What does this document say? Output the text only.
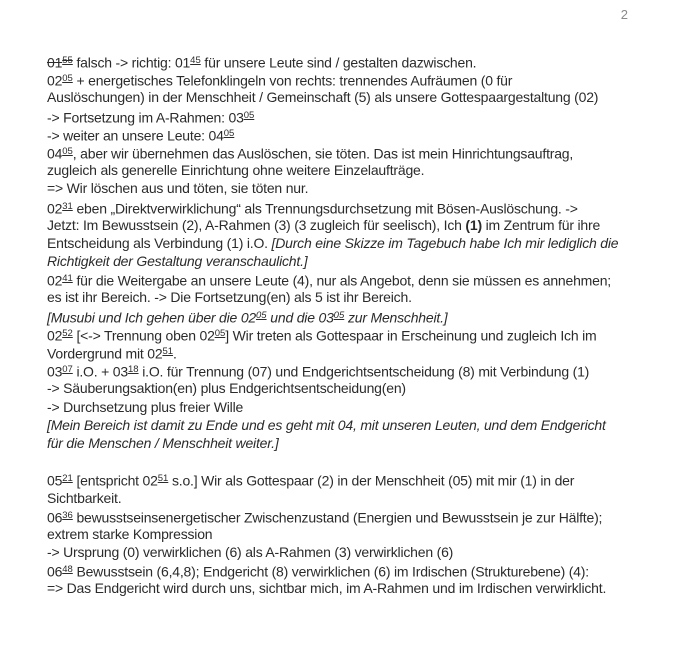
2
$01^{55}$ falsch -> richtig: $01^{45}$ für unsere Leute sind / gestalten dazwischen.
$02^{05}$ + energetisches Telefonklingeln von rechts: trennendes Aufräumen (0 für
Auslöschungen) in der Menschheit / Gemeinschaft (5) als unsere Gottespaargestaltung (02)
-> Fortsetzung im A-Rahmen: $03^{05}$
-> weiter an unsere Leute: $04^{05}$
$04^{05}$, aber wir übernehmen das Auslöschen, sie töten. Das ist mein Hinrichtungsauftrag,
zugleich als generelle Einrichtung ohne weitere Einzelaufträge.
=> Wir löschen aus und töten, sie töten nur.
$02^{31}$ eben „Direktverwirklichung“ als Trennungsdurchsetzung mit Bösen-Auslöschung. ->
Jetzt: Im Bewusstsein (2), A-Rahmen (3) (3 zugleich für seelisch), Ich (1) im Zentrum für ihre
Entscheidung als Verbindung (1) i.O. [Durch eine Skizze im Tagebuch habe Ich mir lediglich die
Richtigkeit der Gestaltung veranschaulicht.]
$02^{41}$ für die Weitergabe an unsere Leute (4), nur als Angebot, denn sie müssen es annehmen;
es ist ihr Bereich. -> Die Fortsetzung(en) als 5 ist ihr Bereich.
[Musubi und Ich gehen über die $02^{05}$ und die $03^{05}$ zur Menschheit.]
$02^{52}$ [<-> Trennung oben $02^{05}$] Wir treten als Gottespaar in Erscheinung und zugleich Ich im
Vordergrund mit $02^{51}$.
$03^{07}$ i.O. + $03^{18}$ i.O. für Trennung (07) und Endgerichtsentscheidung (8) mit Verbindung (1)
-> Säuberungsaktion(en) plus Endgerichtsentscheidung(en)
-> Durchsetzung plus freier Wille
[Mein Bereich ist damit zu Ende und es geht mit 04, mit unseren Leuten, und dem Endgericht
für die Menschen / Menschheit weiter.]
$05^{21}$ [entspricht $02^{51}$ s.o.] Wir als Gottespaar (2) in der Menschheit (05) mit mir (1) in der
Sichtbarkeit.
$06^{36}$ bewusstseinsenergetischer Zwischenzustand (Energien und Bewusstsein je zur Hälfte);
extrem starke Kompression
-> Ursprung (0) verwirklichen (6) als A-Rahmen (3) verwirklichen (6)
$06^{48}$ Bewusstsein (6,4,8); Endgericht (8) verwirklichen (6) im Irdischen (Strukturebene) (4):
=> Das Endgericht wird durch uns, sichtbar mich, im A-Rahmen und im Irdischen verwirklicht.
